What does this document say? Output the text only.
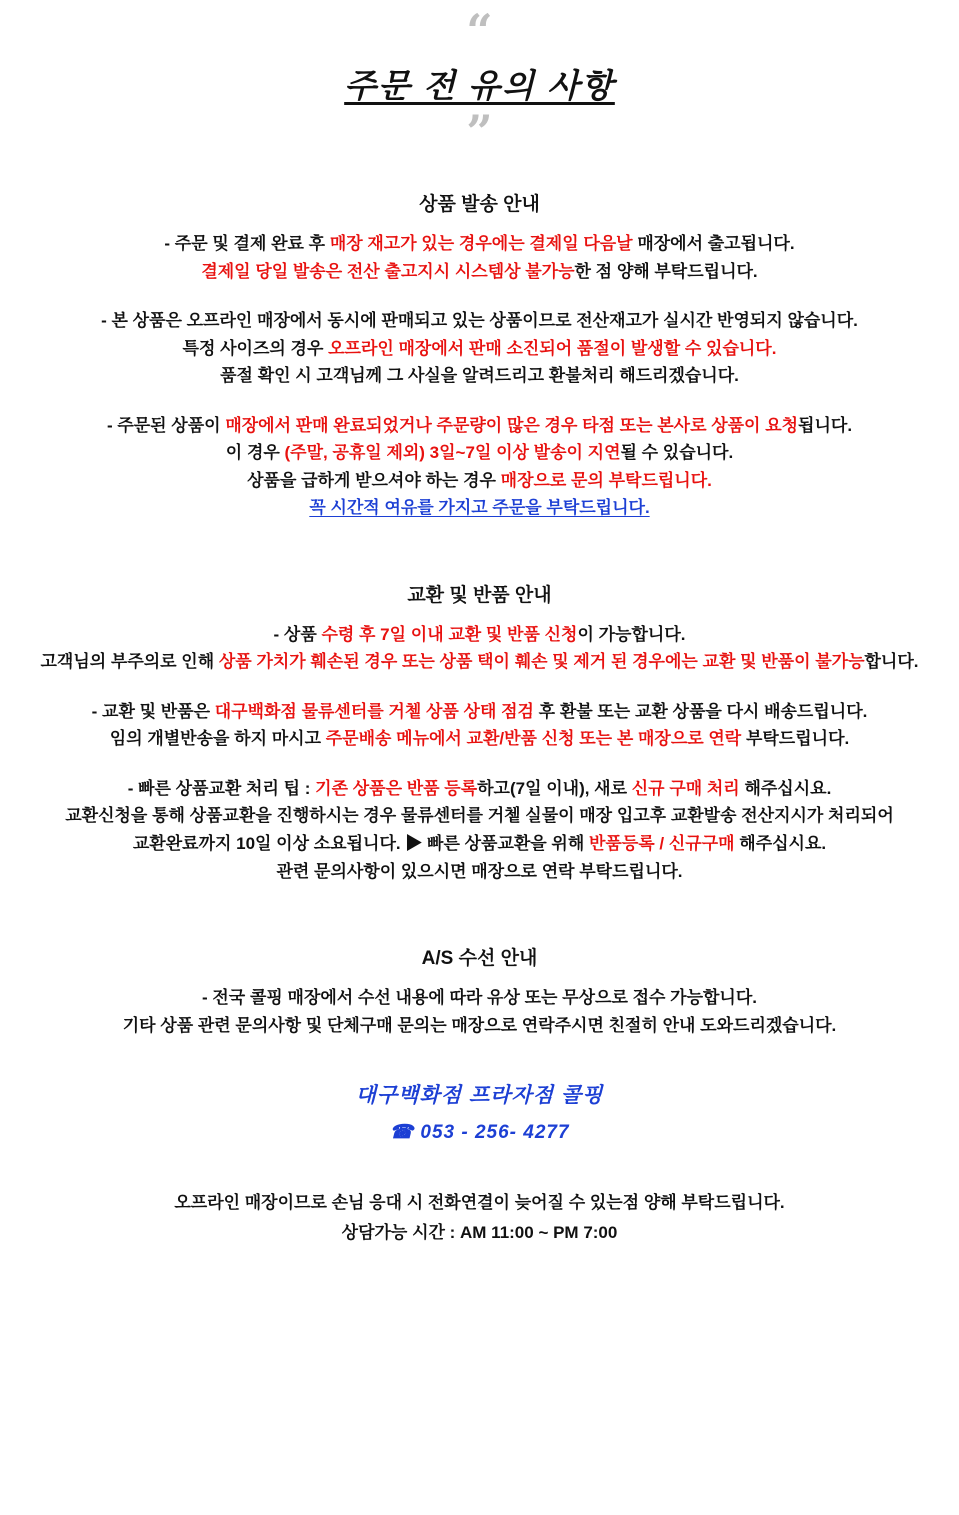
“
주문 전 유의 사항
”
상품 발송 안내
- 주문 및 결제 완료 후 매장 재고가 있는 경우에는 결제일 다음날 매장에서 출고됩니다.
결제일 당일 발송은 전산 출고지시 시스템상 불가능한 점 양해 부탁드립니다.
- 본 상품은 오프라인 매장에서 동시에 판매되고 있는 상품이므로 전산재고가 실시간 반영되지 않습니다.
특정 사이즈의 경우 오프라인 매장에서 판매 소진되어 품절이 발생할 수 있습니다.
품절 확인 시 고객님께 그 사실을 알려드리고 환불처리 해드리겠습니다.
- 주문된 상품이 매장에서 판매 완료되었거나 주문량이 많은 경우 타점 또는 본사로 상품이 요청됩니다.
이 경우 (주말, 공휴일 제외) 3일~7일 이상 발송이 지연될 수 있습니다.
상품을 급하게 받으셔야 하는 경우 매장으로 문의 부탁드립니다.
꼭 시간적 여유를 가지고 주문을 부탁드립니다.
교환 및 반품 안내
- 상품 수령 후 7일 이내 교환 및 반품 신청이 가능합니다.
고객님의 부주의로 인해 상품 가치가 훼손된 경우 또는 상품 택이 훼손 및 제거 된 경우에는 교환 및 반품이 불가능합니다.
- 교환 및 반품은 대구백화점 물류센터를 거쳍 상품 상태 점검 후 환불 또는 교환 상품을 다시 배송드립니다.
임의 개별반송을 하지 마시고 주문배송 메뉴에서 교환/반품 신청 또는 본 매장으로 연락 부탁드립니다.
- 빠른 상품교환 처리 팁 : 기존 상품은 반품 등록하고(7일 이내), 새로 신규 구매 처리 해주십시요.
교환신청을 통해 상품교환을 진행하시는 경우 물류센터를 거쳍 실물이 매장 입고후 교환발송 전산지시가 처리되어
교환완료까지 10일 이상 소요됩니다. ▶ 빠른 상품교환을 위해 반품등록 / 신규구매 해주십시요.
관련 문의사항이 있으시면 매장으로 연락 부탁드립니다.
A/S 수선 안내
- 전국 콜핑 매장에서 수선 내용에 따라 유상 또는 무상으로 접수 가능합니다.
기타 상품 관련 문의사항 및 단체구매 문의는 매장으로 연락주시면 친절히 안내 도와드리겠습니다.
대구백화점 프라자점 콜핑
☎ 053 - 256- 4277
오프라인 매장이므로 손님 응대 시 전화연결이 늦어질 수 있는점 양해 부탁드립니다.
상담가능 시간 : AM 11:00 ~ PM 7:00
